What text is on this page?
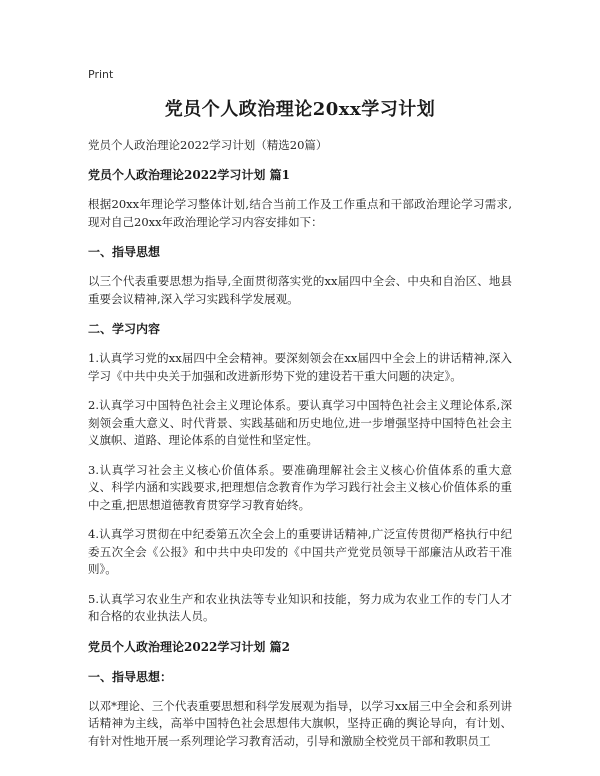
Print
党员个人政治理论20xx学习计划
党员个人政治理论2022学习计划（精选20篇）
党员个人政治理论2022学习计划 篇1

根据20xx年理论学习整体计划,结合当前工作及工作重点和干部政治理论学习需求,现对自己20xx年政治理论学习内容安排如下：

一、指导思想

以三个代表重要思想为指导,全面贯彻落实党的xx届四中全会、中央和自治区、地县重要会议精神,深入学习实践科学发展观。

二、学习内容

1.认真学习党的xx届四中全会精神。要深刻领会在xx届四中全会上的讲话精神,深入学习《中共中央关于加强和改进新形势下党的建设若干重大问题的决定》。

2.认真学习中国特色社会主义理论体系。要认真学习中国特色社会主义理论体系,深刻领会重大意义、时代背景、实践基础和历史地位,进一步增强坚持中国特色社会主义旗帜、道路、理论体系的自觉性和坚定性。

3.认真学习社会主义核心价值体系。要准确理解社会主义核心价值体系的重大意义、科学内涵和实践要求,把理想信念教育作为学习践行社会主义核心价值体系的重中之重,把思想道德教育贯穿学习教育始终。

4.认真学习贯彻在中纪委第五次全会上的重要讲话精神,广泛宣传贯彻严格执行中纪委五次全会《公报》和中共中央印发的《中国共产党党员领导干部廉洁从政若干准则》。

5.认真学习农业生产和农业执法等专业知识和技能，努力成为农业工作的专门人才和合格的农业执法人员。

党员个人政治理论2022学习计划 篇2
一、指导思想：

以邓*理论、三个代表重要思想和科学发展观为指导，以学习xx届三中全会和系列讲话精神为主线，高举中国特色社会思想伟大旗帜，坚持正确的舆论导向，有计划、有针对性地开展一系列理论学习教育活动，引导和激励全校党员干部和教职员工
